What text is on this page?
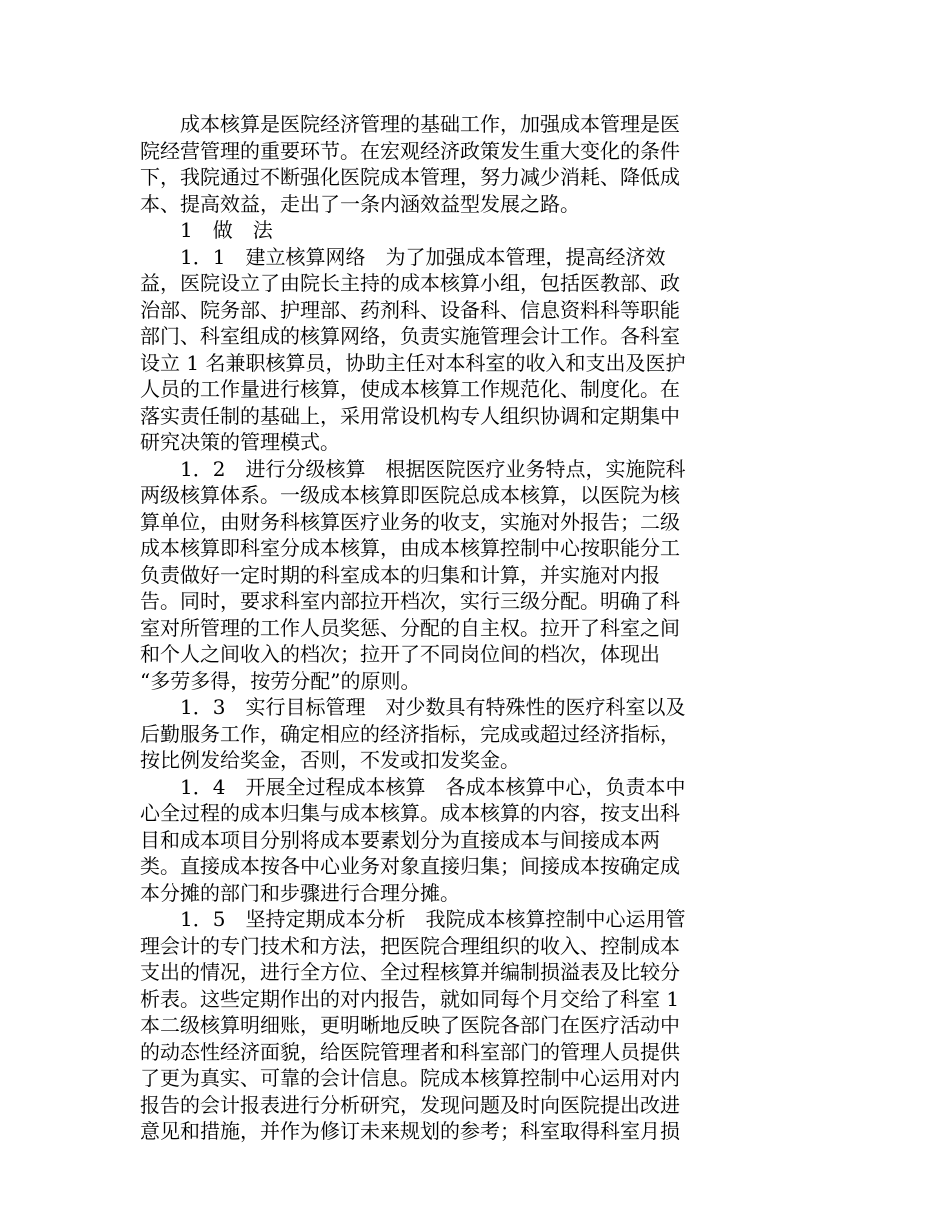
　　成本核算是医院经济管理的基础工作，加强成本管理是医
院经营管理的重要环节。在宏观经济政策发生重大变化的条件
下，我院通过不断强化医院成本管理，努力减少消耗、降低成
本、提高效益，走出了一条内涵效益型发展之路。
　　1　做　法
　　1．1　建立核算网络　为了加强成本管理，提高经济效
益，医院设立了由院长主持的成本核算小组，包括医教部、政
治部、院务部、护理部、药剂科、设备科、信息资料科等职能
部门、科室组成的核算网络，负责实施管理会计工作。各科室
设立 1 名兼职核算员，协助主任对本科室的收入和支出及医护
人员的工作量进行核算，使成本核算工作规范化、制度化。在
落实责任制的基础上，采用常设机构专人组织协调和定期集中
研究决策的管理模式。
　　1．2　进行分级核算　根据医院医疗业务特点，实施院科
两级核算体系。一级成本核算即医院总成本核算，以医院为核
算单位，由财务科核算医疗业务的收支，实施对外报告；二级
成本核算即科室分成本核算，由成本核算控制中心按职能分工
负责做好一定时期的科室成本的归集和计算，并实施对内报
告。同时，要求科室内部拉开档次，实行三级分配。明确了科
室对所管理的工作人员奖惩、分配的自主权。拉开了科室之间
和个人之间收入的档次；拉开了不同岗位间的档次，体现出
“多劳多得，按劳分配”的原则。
　　1．3　实行目标管理　对少数具有特殊性的医疗科室以及
后勤服务工作，确定相应的经济指标，完成或超过经济指标，
按比例发给奖金，否则，不发或扣发奖金。
　　1．4　开展全过程成本核算　各成本核算中心，负责本中
心全过程的成本归集与成本核算。成本核算的内容，按支出科
目和成本项目分别将成本要素划分为直接成本与间接成本两
类。直接成本按各中心业务对象直接归集；间接成本按确定成
本分摊的部门和步骤进行合理分摊。
　　1．5　坚持定期成本分析　我院成本核算控制中心运用管
理会计的专门技术和方法，把医院合理组织的收入、控制成本
支出的情况，进行全方位、全过程核算并编制损溢表及比较分
析表。这些定期作出的对内报告，就如同每个月交给了科室 1
本二级核算明细账，更明晰地反映了医院各部门在医疗活动中
的动态性经济面貌，给医院管理者和科室部门的管理人员提供
了更为真实、可靠的会计信息。院成本核算控制中心运用对内
报告的会计报表进行分析研究，发现问题及时向医院提出改进
意见和措施，并作为修订未来规划的参考；科室取得科室月损
